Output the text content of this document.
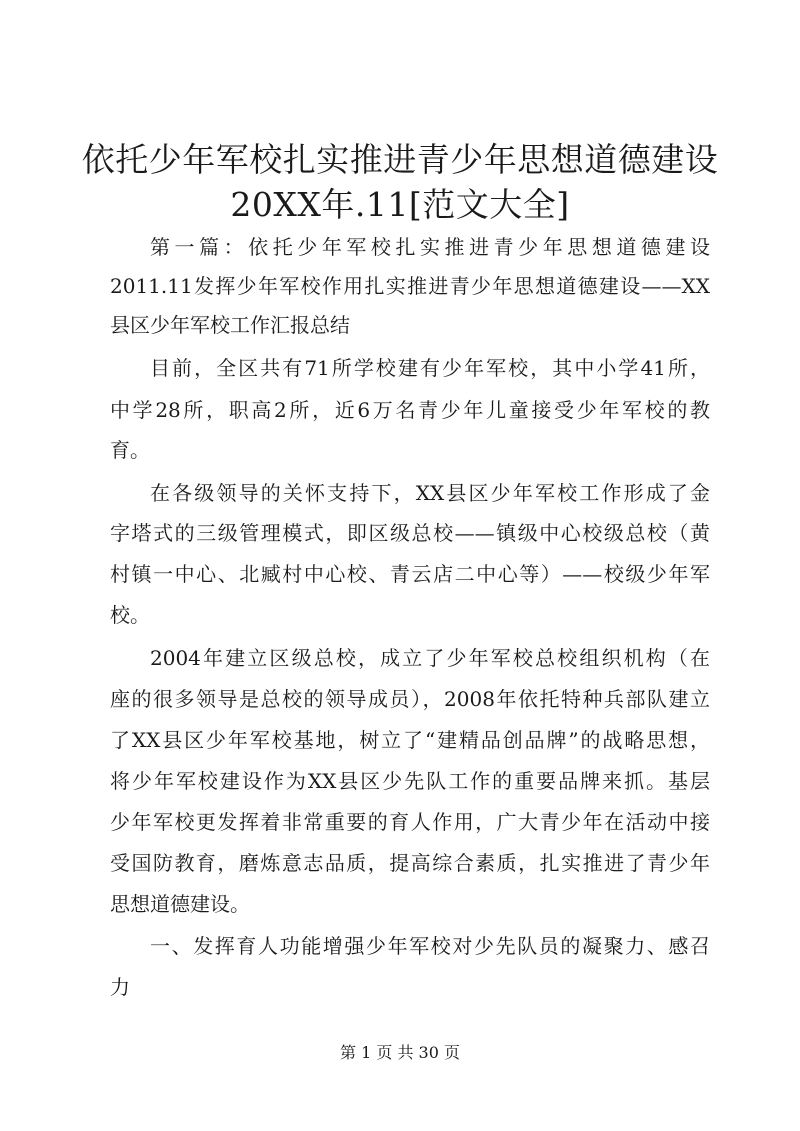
依托少年军校扎实推进青少年思想道德建设
20XX年.11[范文大全]

第一篇：依托少年军校扎实推进青少年思想道德建设

2011.11发挥少年军校作用扎实推进青少年思想道德建设——XX

县区少年军校工作汇报总结

目前，全区共有71所学校建有少年军校，其中小学41所，

中学28所，职高2所，近6万名青少年儿童接受少年军校的教

育。

在各级领导的关怀支持下，XX县区少年军校工作形成了金

字塔式的三级管理模式，即区级总校——镇级中心校级总校（黄

村镇一中心、北臧村中心校、青云店二中心等）——校级少年军

校。

2004年建立区级总校，成立了少年军校总校组织机构（在

座的很多领导是总校的领导成员），2008年依托特种兵部队建立

了XX县区少年军校基地，树立了“建精品创品牌”的战略思想，

将少年军校建设作为XX县区少先队工作的重要品牌来抓。基层

少年军校更发挥着非常重要的育人作用，广大青少年在活动中接

受国防教育，磨炼意志品质，提高综合素质，扎实推进了青少年

思想道德建设。

一、发挥育人功能增强少年军校对少先队员的凝聚力、感召

力

第 1 页 共 30 页
